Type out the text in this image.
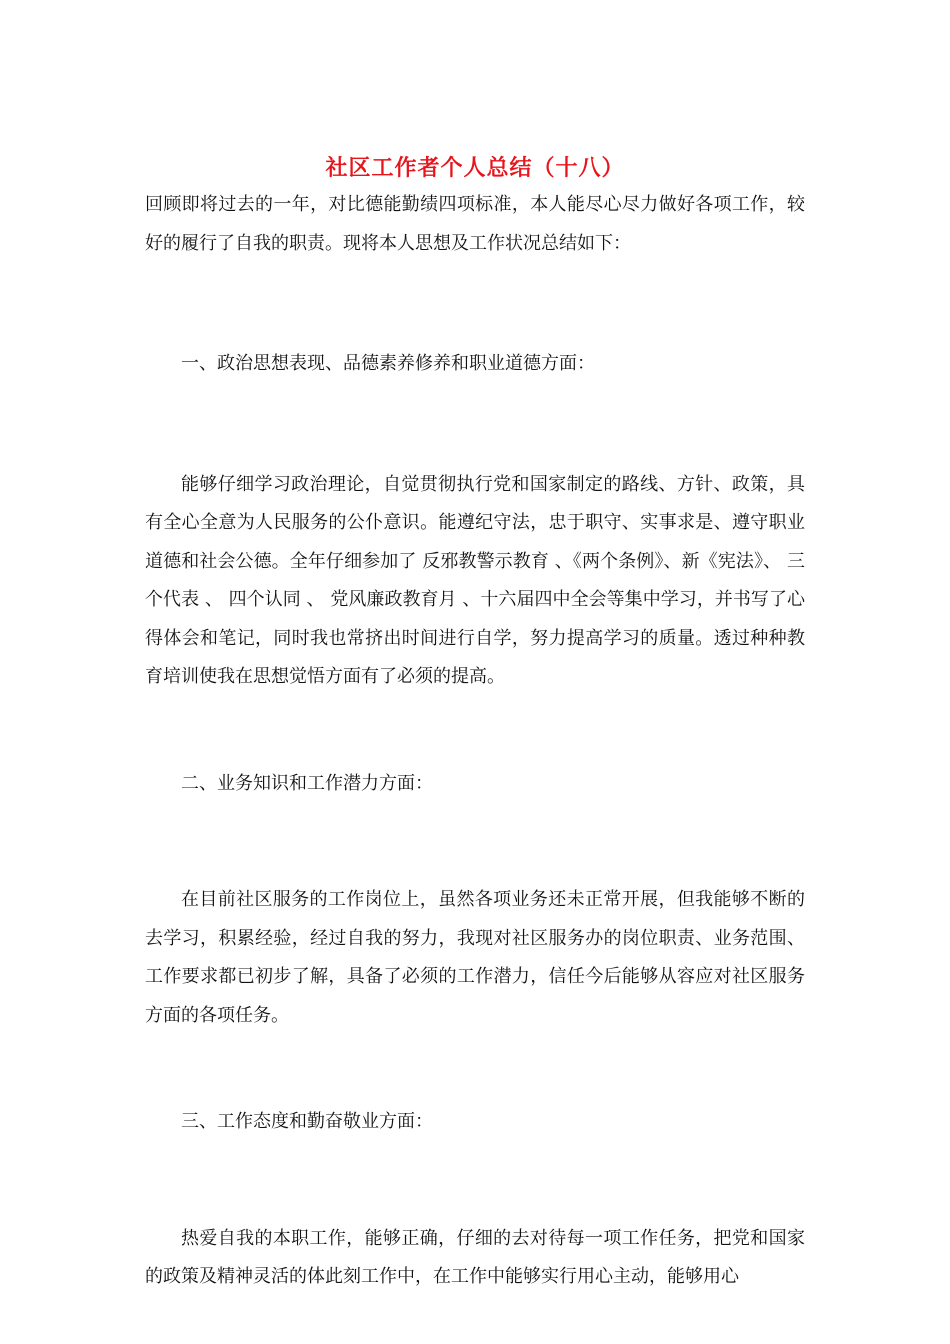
社区工作者个人总结（十八）

回顾即将过去的一年，对比德能勤绩四项标准，本人能尽心尽力做好各项工作，较好的履行了自我的职责。现将本人思想及工作状况总结如下：

一、政治思想表现、品德素养修养和职业道德方面：

能够仔细学习政治理论，自觉贯彻执行党和国家制定的路线、方针、政策，具有全心全意为人民服务的公仆意识。能遵纪守法，忠于职守、实事求是、遵守职业道德和社会公德。全年仔细参加了 反邪教警示教育 、《两个条例》、新《宪法》、 三个代表 、 四个认同 、 党风廉政教育月 、十六届四中全会等集中学习，并书写了心得体会和笔记，同时我也常挤出时间进行自学，努力提高学习的质量。透过种种教育培训使我在思想觉悟方面有了必须的提高。

二、业务知识和工作潜力方面：

在目前社区服务的工作岗位上，虽然各项业务还未正常开展，但我能够不断的去学习，积累经验，经过自我的努力，我现对社区服务办的岗位职责、业务范围、工作要求都已初步了解，具备了必须的工作潜力，信任今后能够从容应对社区服务方面的各项任务。

三、工作态度和勤奋敬业方面：

热爱自我的本职工作，能够正确，仔细的去对待每一项工作任务，把党和国家的政策及精神灵活的体此刻工作中，在工作中能够实行用心主动，能够用心
